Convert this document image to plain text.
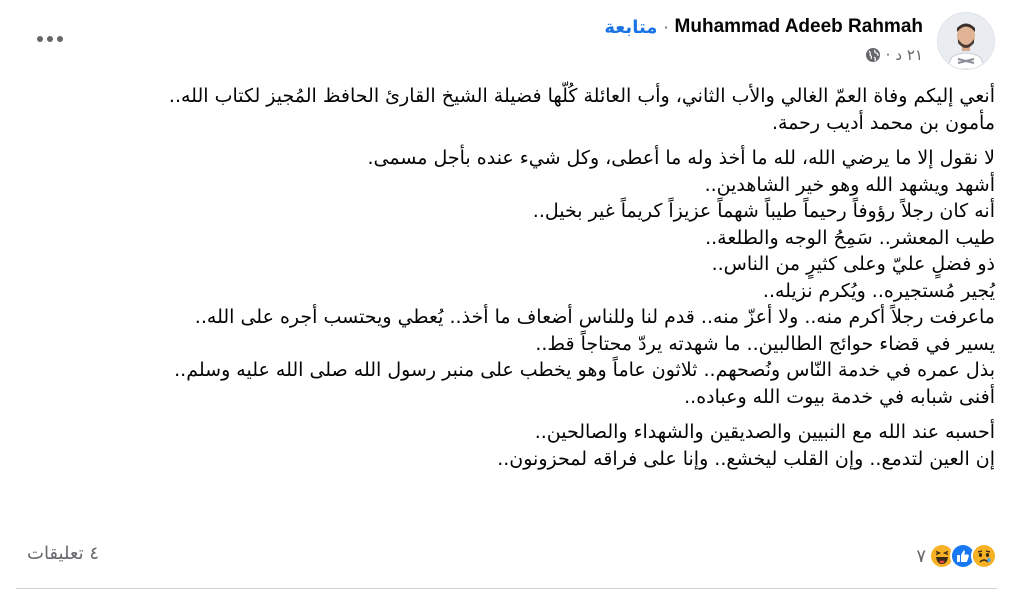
Muhammad Adeeb Rahmah
·
متابعة
٢١ د
·

أنعي إليكم وفاة العمّ الغالي والأب الثاني، وأب العائلة كُلّها فضيلة الشيخ القارئ الحافظ المُجيز لكتاب الله..
مأمون بن محمد أديب رحمة.

لا نقول إلا ما يرضي الله، لله ما أخذ وله ما أعطى، وكل شيء عنده بأجل مسمى.
أشهد ويشهد الله وهو خير الشاهدين..
أنه كان رجلاً رؤوفاً رحيماً طيباً شهماً عزيزاً كريماً غير بخيل..
طيب المعشر.. سَمِحُ الوجه والطلعة..
ذو فضلٍ عليّ وعلى كثيرٍ من الناس..
يُجير مُستجيره.. ويُكرم نزيله..
ماعرفت رجلاً أكرم منه.. ولا أعزّ منه.. قدم لنا وللناس أضعاف ما أخذ.. يُعطي ويحتسب أجره على الله..
يسير في قضاء حوائج الطالبين.. ما شهدته يردّ محتاجاً قط..
بذل عمره في خدمة النّاس ونُصحهم.. ثلاثون عاماً وهو يخطب على منبر رسول الله صلى الله عليه وسلم..
أفنى شبابه في خدمة بيوت الله وعباده..

أحسبه عند الله مع النبيين والصديقين والشهداء والصالحين..
إن العين لتدمع.. وإن القلب ليخشع.. وإنا على فراقه لمحزونون..

٧
٤ تعليقات
